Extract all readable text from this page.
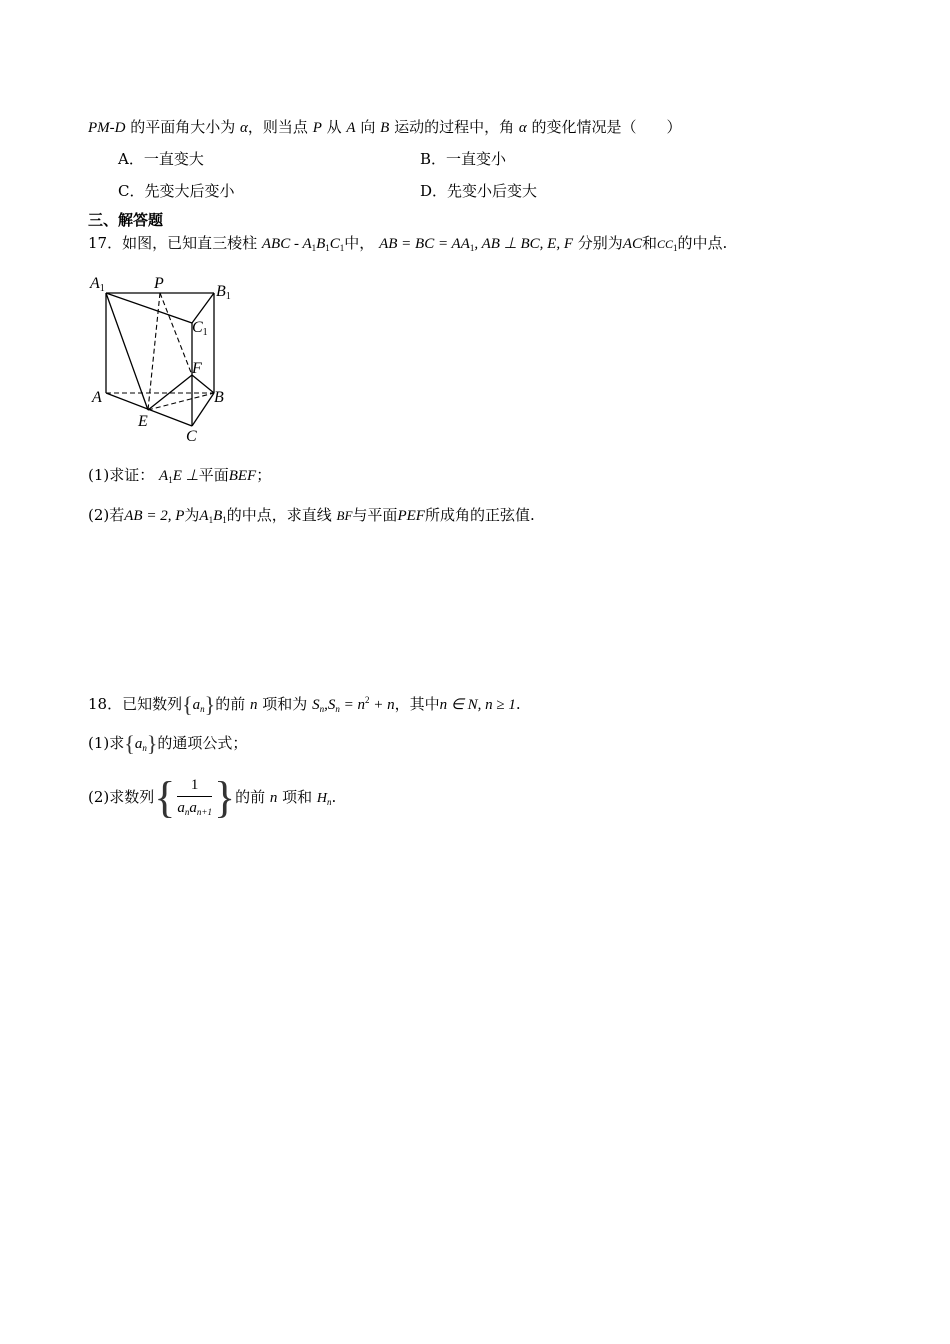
PM-D 的平面角大小为 α，则当点 P 从 A 向 B 运动的过程中，角 α 的变化情况是（　　）
A．一直变大	B．一直变小
C．先变大后变小	D．先变小后变大
三、解答题
17．如图，已知直三棱柱 ABC - $A_1B_1C_1$中， AB = BC = $AA_1$, AB ⊥ BC, E, F 分别为AC和$CC_1$的中点.
A1	P	B1
C1
F
A	B
E
C
(1)求证： $A_1E$ ⊥平面BEF；
(2)若AB = 2, P为$A_1B_1$的中点，求直线 BF与平面PEF所成角的正弦值.
18．已知数列$\{a_n\}$的前 n 项和为 $S_n,S_n = n^2 + n$，其中n ∈ N, n ≥ 1.
(1)求$\{a_n\}$的通项公式；
(2)求数列{ $\frac{1}{a_na_{n+1}}$ }的前 n 项和 $H_n$.
